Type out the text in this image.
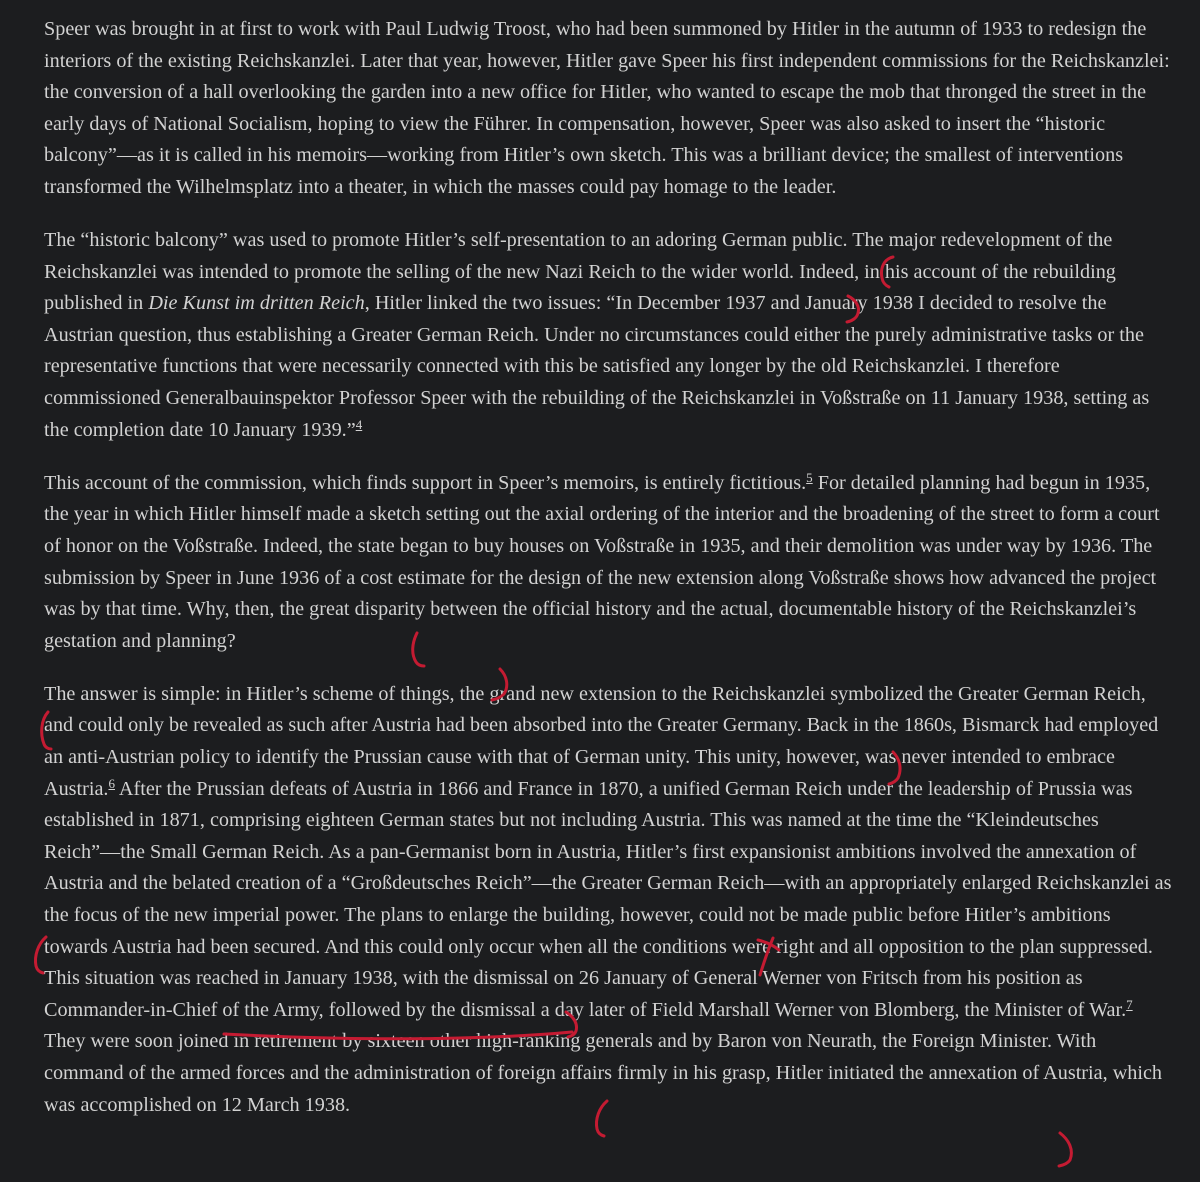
Speer was brought in at first to work with Paul Ludwig Troost, who had been summoned by Hitler in the autumn of 1933 to redesign the interiors of the existing Reichskanzlei. Later that year, however, Hitler gave Speer his first independent commissions for the Reichskanzlei: the conversion of a hall overlooking the garden into a new office for Hitler, who wanted to escape the mob that thronged the street in the early days of National Socialism, hoping to view the Führer. In compensation, however, Speer was also asked to insert the “historic balcony”—as it is called in his memoirs—working from Hitler’s own sketch. This was a brilliant device; the smallest of interventions transformed the Wilhelmsplatz into a theater, in which the masses could pay homage to the leader.

The “historic balcony” was used to promote Hitler’s self-presentation to an adoring German public. The major redevelopment of the Reichskanzlei was intended to promote the selling of the new Nazi Reich to the wider world. Indeed, in his account of the rebuilding published in Die Kunst im dritten Reich, Hitler linked the two issues: “In December 1937 and January 1938 I decided to resolve the Austrian question, thus establishing a Greater German Reich. Under no circumstances could either the purely administrative tasks or the representative functions that were necessarily connected with this be satisfied any longer by the old Reichskanzlei. I therefore commissioned Generalbauinspektor Professor Speer with the rebuilding of the Reichskanzlei in Voßstraße on 11 January 1938, setting as the completion date 10 January 1939.”$^4$

This account of the commission, which finds support in Speer’s memoirs, is entirely fictitious.$^5$ For detailed planning had begun in 1935, the year in which Hitler himself made a sketch setting out the axial ordering of the interior and the broadening of the street to form a court of honor on the Voßstraße. Indeed, the state began to buy houses on Voßstraße in 1935, and their demolition was under way by 1936. The submission by Speer in June 1936 of a cost estimate for the design of the new extension along Voßstraße shows how advanced the project was by that time. Why, then, the great disparity between the official history and the actual, documentable history of the Reichskanzlei’s gestation and planning?

The answer is simple: in Hitler’s scheme of things, the grand new extension to the Reichskanzlei symbolized the Greater German Reich, and could only be revealed as such after Austria had been absorbed into the Greater Germany. Back in the 1860s, Bismarck had employed an anti-Austrian policy to identify the Prussian cause with that of German unity. This unity, however, was never intended to embrace Austria.$^6$ After the Prussian defeats of Austria in 1866 and France in 1870, a unified German Reich under the leadership of Prussia was established in 1871, comprising eighteen German states but not including Austria. This was named at the time the “Kleindeutsches Reich”—the Small German Reich. As a pan-Germanist born in Austria, Hitler’s first expansionist ambitions involved the annexation of Austria and the belated creation of a “Großdeutsches Reich”—the Greater German Reich—with an appropriately enlarged Reichskanzlei as the focus of the new imperial power. The plans to enlarge the building, however, could not be made public before Hitler’s ambitions towards Austria had been secured. And this could only occur when all the conditions were right and all opposition to the plan suppressed. This situation was reached in January 1938, with the dismissal on 26 January of General Werner von Fritsch from his position as Commander-in-Chief of the Army, followed by the dismissal a day later of Field Marshall Werner von Blomberg, the Minister of War.$^7$ They were soon joined in retirement by sixteen other high-ranking generals and by Baron von Neurath, the Foreign Minister. With command of the armed forces and the administration of foreign affairs firmly in his grasp, Hitler initiated the annexation of Austria, which was accomplished on 12 March 1938.
